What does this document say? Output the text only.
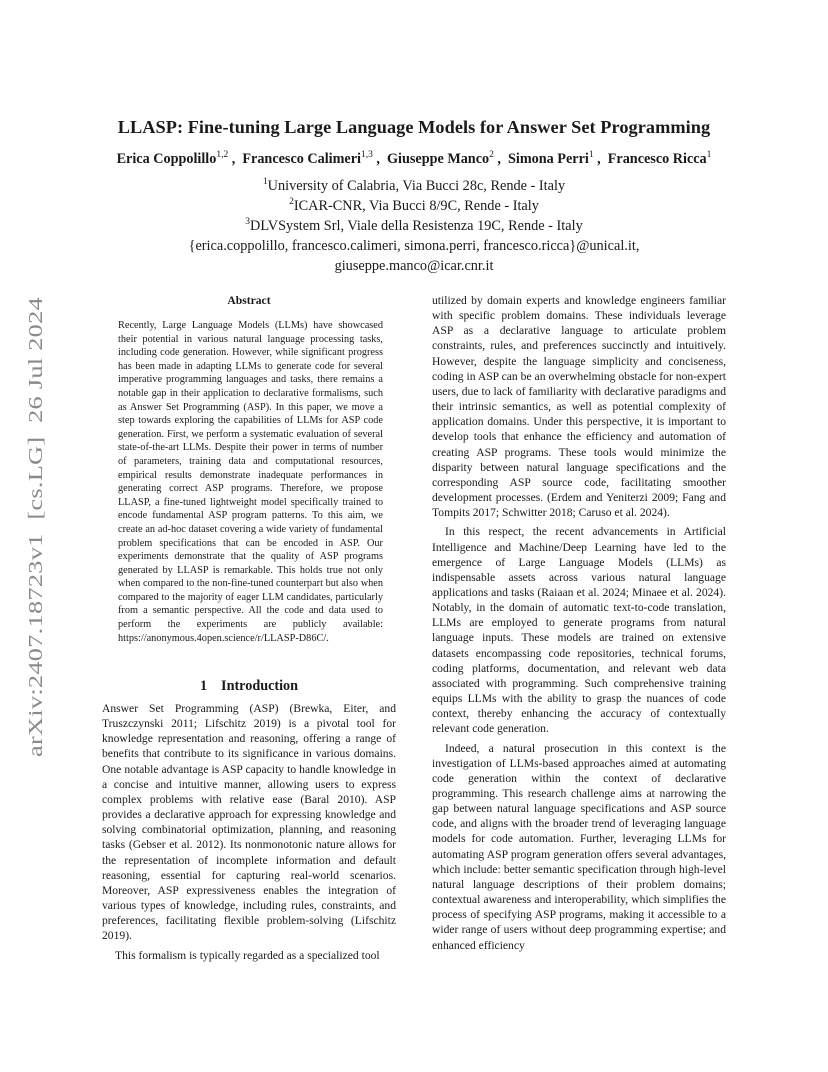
arXiv:2407.18723v1  [cs.LG]  26 Jul 2024
LLASP: Fine-tuning Large Language Models for Answer Set Programming
Erica Coppolillo$^{1,2}$ ,  Francesco Calimeri$^{1,3}$ ,  Giuseppe Manco$^2$ ,  Simona Perri$^1$ ,  Francesco Ricca$^1$
$^1$University of Calabria, Via Bucci 28c, Rende - Italy
$^2$ICAR-CNR, Via Bucci 8/9C, Rende - Italy
$^3$DLVSystem Srl, Viale della Resistenza 19C, Rende - Italy
{erica.coppolillo, francesco.calimeri, simona.perri, francesco.ricca}@unical.it,
giuseppe.manco@icar.cnr.it
Abstract

Recently, Large Language Models (LLMs) have showcased their potential in various natural language processing tasks, including code generation. However, while significant progress has been made in adapting LLMs to generate code for several imperative programming languages and tasks, there remains a notable gap in their application to declarative formalisms, such as Answer Set Programming (ASP). In this paper, we move a step towards exploring the capabilities of LLMs for ASP code generation. First, we perform a systematic evaluation of several state-of-the-art LLMs. Despite their power in terms of number of parameters, training data and computational resources, empirical results demonstrate inadequate performances in generating correct ASP programs. Therefore, we propose LLASP, a fine-tuned lightweight model specifically trained to encode fundamental ASP program patterns. To this aim, we create an ad-hoc dataset covering a wide variety of fundamental problem specifications that can be encoded in ASP. Our experiments demonstrate that the quality of ASP programs generated by LLASP is remarkable. This holds true not only when compared to the non-fine-tuned counterpart but also when compared to the majority of eager LLM candidates, particularly from a semantic perspective. All the code and data used to perform the experiments are publicly available: https://anonymous.4open.science/r/LLASP-D86C/.

1 Introduction

Answer Set Programming (ASP) (Brewka, Eiter, and Truszczynski 2011; Lifschitz 2019) is a pivotal tool for knowledge representation and reasoning, offering a range of benefits that contribute to its significance in various domains. One notable advantage is ASP capacity to handle knowledge in a concise and intuitive manner, allowing users to express complex problems with relative ease (Baral 2010). ASP provides a declarative approach for expressing knowledge and solving combinatorial optimization, planning, and reasoning tasks (Gebser et al. 2012). Its nonmonotonic nature allows for the representation of incomplete information and default reasoning, essential for capturing real-world scenarios. Moreover, ASP expressiveness enables the integration of various types of knowledge, including rules, constraints, and preferences, facilitating flexible problem-solving (Lifschitz 2019).

This formalism is typically regarded as a specialized tool

utilized by domain experts and knowledge engineers familiar with specific problem domains. These individuals leverage ASP as a declarative language to articulate problem constraints, rules, and preferences succinctly and intuitively. However, despite the language simplicity and conciseness, coding in ASP can be an overwhelming obstacle for non-expert users, due to lack of familiarity with declarative paradigms and their intrinsic semantics, as well as potential complexity of application domains. Under this perspective, it is important to develop tools that enhance the efficiency and automation of creating ASP programs. These tools would minimize the disparity between natural language specifications and the corresponding ASP source code, facilitating smoother development processes. (Erdem and Yeniterzi 2009; Fang and Tompits 2017; Schwitter 2018; Caruso et al. 2024).

In this respect, the recent advancements in Artificial Intelligence and Machine/Deep Learning have led to the emergence of Large Language Models (LLMs) as indispensable assets across various natural language applications and tasks (Raiaan et al. 2024; Minaee et al. 2024). Notably, in the domain of automatic text-to-code translation, LLMs are employed to generate programs from natural language inputs. These models are trained on extensive datasets encompassing code repositories, technical forums, coding platforms, documentation, and relevant web data associated with programming. Such comprehensive training equips LLMs with the ability to grasp the nuances of code context, thereby enhancing the accuracy of contextually relevant code generation.

Indeed, a natural prosecution in this context is the investigation of LLMs-based approaches aimed at automating code generation within the context of declarative programming. This research challenge aims at narrowing the gap between natural language specifications and ASP source code, and aligns with the broader trend of leveraging language models for code automation. Further, leveraging LLMs for automating ASP program generation offers several advantages, which include: better semantic specification through high-level natural language descriptions of their problem domains; contextual awareness and interoperability, which simplifies the process of specifying ASP programs, making it accessible to a wider range of users without deep programming expertise; and enhanced efficiency
